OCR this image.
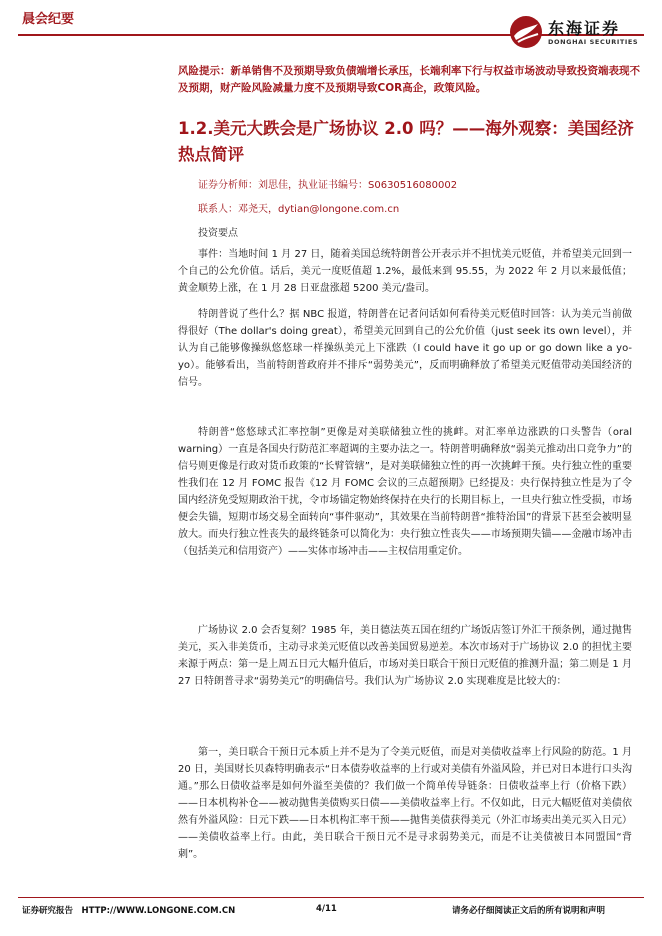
晨会纪要	东海证券
DONGHAI SECURITIES
风险提示：新单销售不及预期导致负债端增长承压，长端利率下行与权益市场波动导致投资端表现不及预期，财产险风险减量力度不及预期导致COR高企，政策风险。
1.2.美元大跌会是广场协议 2.0 吗？——海外观察：美国经济热点简评
证券分析师：刘思佳，执业证书编号：S0630516080002
联系人：邓尧天，dytian@longone.com.cn
投资要点

事件：当地时间 1 月 27 日，随着美国总统特朗普公开表示并不担忧美元贬值，并希望美元回到一个自己的公允价值。话后，美元一度贬值超 1.2%，最低来到 95.55，为 2022 年 2 月以来最低值；黄金顺势上涨，在 1 月 28 日亚盘涨超 5200 美元/盎司。

特朗普说了些什么？据 NBC 报道，特朗普在记者问话如何看待美元贬值时回答：认为美元当前做得很好（The dollar's doing great），希望美元回到自己的公允价值（just seek its own level），并认为自己能够像操纵悠悠球一样操纵美元上下涨跌（I could have it go up or go down like a yo-yo）。能够看出，当前特朗普政府并不排斥“弱势美元”，反而明确释放了希望美元贬值带动美国经济的信号。

特朗普“悠悠球式汇率控制”更像是对美联储独立性的挑衅。对汇率单边涨跌的口头警告（oral warning）一直是各国央行防范汇率超调的主要办法之一。特朗普明确释放“弱美元推动出口竞争力”的信号则更像是行政对货币政策的“长臂管辖”，是对美联储独立性的再一次挑衅干预。央行独立性的重要性我们在 12 月 FOMC 报告《12 月 FOMC 会议的三点超预期》已经提及：央行保持独立性是为了令国内经济免受短期政治干扰，令市场锚定物始终保持在央行的长期目标上，一旦央行独立性受损，市场便会失锚，短期市场交易全面转向“事件驱动”，其效果在当前特朗普“推特治国”的背景下甚至会被明显放大。而央行独立性丧失的最终链条可以简化为：央行独立性丧失——市场预期失锚——金融市场冲击（包括美元和信用资产）——实体市场冲击——主权信用重定价。

广场协议 2.0 会否复刻？1985 年，美日德法英五国在纽约广场饭店签订外汇干预条例，通过抛售美元，买入非美货币，主动寻求美元贬值以改善美国贸易逆差。本次市场对于广场协议 2.0 的担忧主要来源于两点：第一是上周五日元大幅升值后，市场对美日联合干预日元贬值的推测升温；第二则是 1 月 27 日特朗普寻求“弱势美元”的明确信号。我们认为广场协议 2.0 实现难度是比较大的：

第一，美日联合干预日元本质上并不是为了令美元贬值，而是对美债收益率上行风险的防范。1 月 20 日，美国财长贝森特明确表示“日本债券收益率的上行或对美债有外溢风险，并已对日本进行口头沟通。”那么日债收益率是如何外溢至美债的？我们做一个简单传导链条：日债收益率上行（价格下跌）——日本机构补仓——被动抛售美债购买日债——美债收益率上行。不仅如此，日元大幅贬值对美债依然有外溢风险：日元下跌——日本机构汇率干预——抛售美债获得美元（外汇市场卖出美元买入日元）——美债收益率上行。由此，美日联合干预日元不是寻求弱势美元，而是不让美债被日本同盟国“背刺”。

证券研究报告　HTTP://WWW.LONGONE.COM.CN	4/11	请务必仔细阅读正文后的所有说明和声明
